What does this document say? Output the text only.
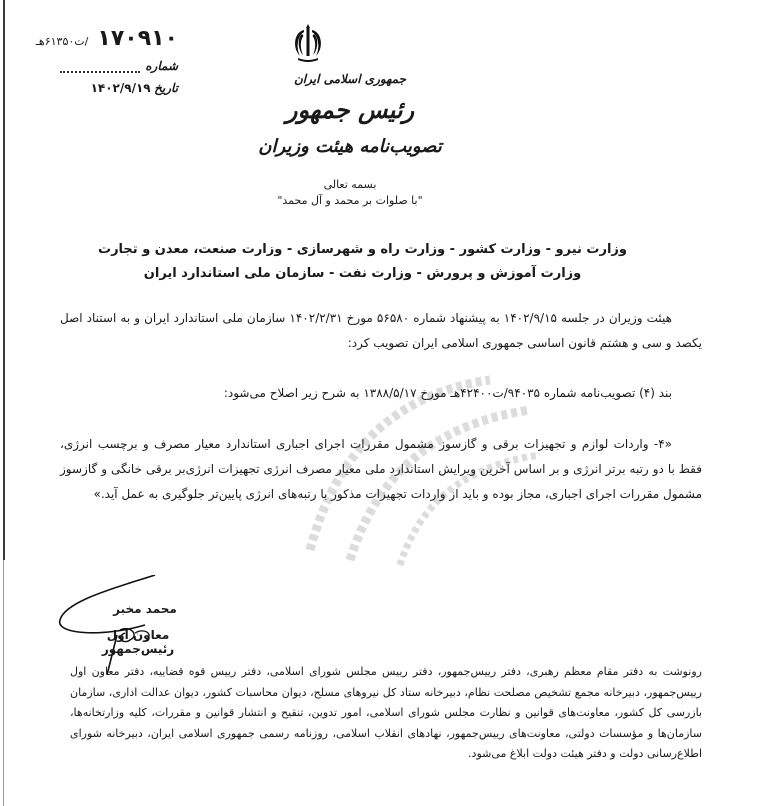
۱۷۰۹۱۰ /ت۶۱۳۵۰هـ
شماره
تاریخ ۱۴۰۲/۹/۱۹
جمهوری اسلامی ایران
رئیس جمهور
تصویب‌نامه هیئت وزیران
بسمه تعالی
"با صلوات بر محمد و آل محمد"
وزارت نیرو - وزارت کشور - وزارت راه و شهرسازی - وزارت صنعت، معدن و تجارت
وزارت آموزش و پرورش - وزارت نفت - سازمان ملی استاندارد ایران
هیئت وزیران در جلسه ۱۴۰۲/۹/۱۵ به پیشنهاد شماره ۵۶۵۸۰ مورخ ۱۴۰۲/۲/۳۱ سازمان ملی استاندارد ایران و به استناد اصل یکصد و سی و هشتم قانون اساسی جمهوری اسلامی ایران تصویب کرد:
بند (۴) تصویب‌نامه شماره ۹۴۰۳۵/ت۴۲۴۰۰هـ مورخ ۱۳۸۸/۵/۱۷ به شرح زیر اصلاح می‌شود:
«۴- واردات لوازم و تجهیزات برقی و گازسوز مشمول مقررات اجرای اجباری استاندارد معیار مصرف و برچسب انرژی، فقط با دو رتبه برتر انرژی و بر اساس آخرین ویرایش استاندارد ملی معیار مصرف انرژی تجهیزات انرژی‌بر برقی خانگی و گازسوز مشمول مقررات اجرای اجباری، مجاز بوده و باید از واردات تجهیزات مذکور با رتبه‌های انرژی پایین‌تر جلوگیری به عمل آید.»
محمد مخبر
معاون اول رئیس‌جمهور
رونوشت به دفتر مقام معظم رهبری، دفتر رییس‌جمهور، دفتر رییس مجلس شورای اسلامی، دفتر رییس قوه قضاییه، دفتر معاون اول رییس‌جمهور، دبیرخانه مجمع تشخیص مصلحت نظام، دبیرخانه ستاد کل نیروهای مسلح، دیوان محاسبات کشور، دیوان عدالت اداری، سازمان بازرسی کل کشور، معاونت‌های قوانین و نظارت مجلس شورای اسلامی، امور تدوین، تنقیح و انتشار قوانین و مقررات، کلیه وزارتخانه‌ها، سازمان‌ها و مؤسسات دولتی، معاونت‌های رییس‌جمهور، نهادهای انقلاب اسلامی، روزنامه رسمی جمهوری اسلامی ایران، دبیرخانه شورای اطلاع‌رسانی دولت و دفتر هیئت دولت ابلاغ می‌شود.
